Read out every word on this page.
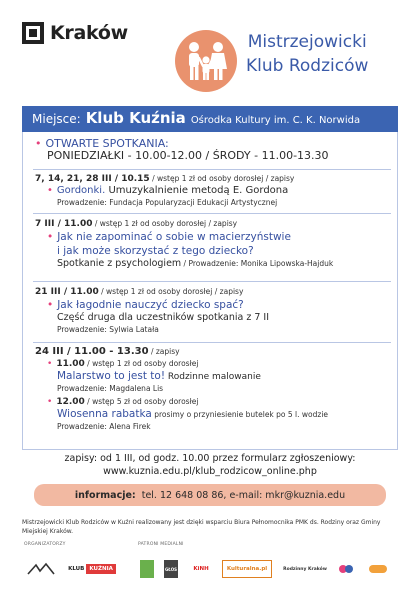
Kraków	Mistrzejowicki
Klub Rodziców
Miejsce: Klub Kuźnia Ośrodka Kultury im. C. K. Norwida
• OTWARTE SPOTKANIA:
PONIEDZIAŁKI - 10.00-12.00 / ŚRODY - 11.00-13.30
7, 14, 21, 28 III / 10.15 / wstęp 1 zł od osoby dorosłej / zapisy
• Gordonki. Umuzykalnienie metodą E. Gordona
Prowadzenie: Fundacja Popularyzacji Edukacji Artystycznej
7 III / 11.00 / wstęp 1 zł od osoby dorosłej / zapisy
• Jak nie zapominać o sobie w macierzyństwie
i jak może skorzystać z tego dziecko?
Spotkanie z psychologiem / Prowadzenie: Monika Lipowska-Hajduk
21 III / 11.00 / wstęp 1 zł od osoby dorosłej / zapisy
• Jak łagodnie nauczyć dziecko spać?
Część druga dla uczestników spotkania z 7 II
Prowadzenie: Sylwia Latała
24 III / 11.00 - 13.30 / zapisy
• 11.00 / wstęp 1 zł od osoby dorosłej
Malarstwo to jest to! Rodzinne malowanie
Prowadzenie: Magdalena Lis
• 12.00 / wstęp 5 zł od osoby dorosłej
Wiosenna rabatka prosimy o przyniesienie butelek po 5 l. wodzie
Prowadzenie: Alena Firek
zapisy: od 1 III, od godz. 10.00 przez formularz zgłoszeniowy:
www.kuznia.edu.pl/klub_rodzicow_online.php
informacje: tel. 12 648 08 86, e-mail: mkr@kuznia.edu
Mistrzejowicki Klub Rodziców w Kuźni realizowany jest dzięki wsparciu Biura Pełnomocnika PMK ds. Rodziny oraz Gminy Miejskiej Kraków.
ORGANIZATORZY	PATRONI MEDIALNI
KLUB KUŹNIA	GŁOS	KiNH	Kulturalna.pl	Rodzinny Kraków
